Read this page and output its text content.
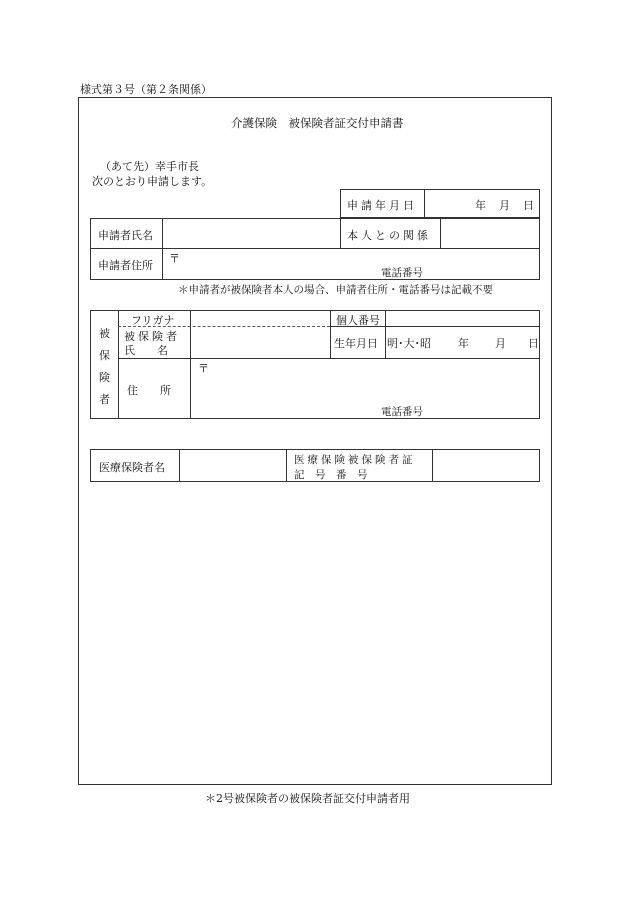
様式第３号（第２条関係）
介護保険　被保険者証交付申請書
（あて先）幸手市長
次のとおり申請します。
申請年月日	年 月 日
申請者氏名	本人との関係
申請者住所
〒
電話番号
＊申請者が被保険者本人の場合、申請者住所・電話番号は記載不要
被
保
険
者
フリガナ
被保険者
氏　　名
個人番号
生年月日 明･大･昭 年 月 日
住　　所
〒
電話番号
医療保険者名
医療保険被保険者証
記　号　番　号
＊2号被保険者の被保険者証交付申請者用
